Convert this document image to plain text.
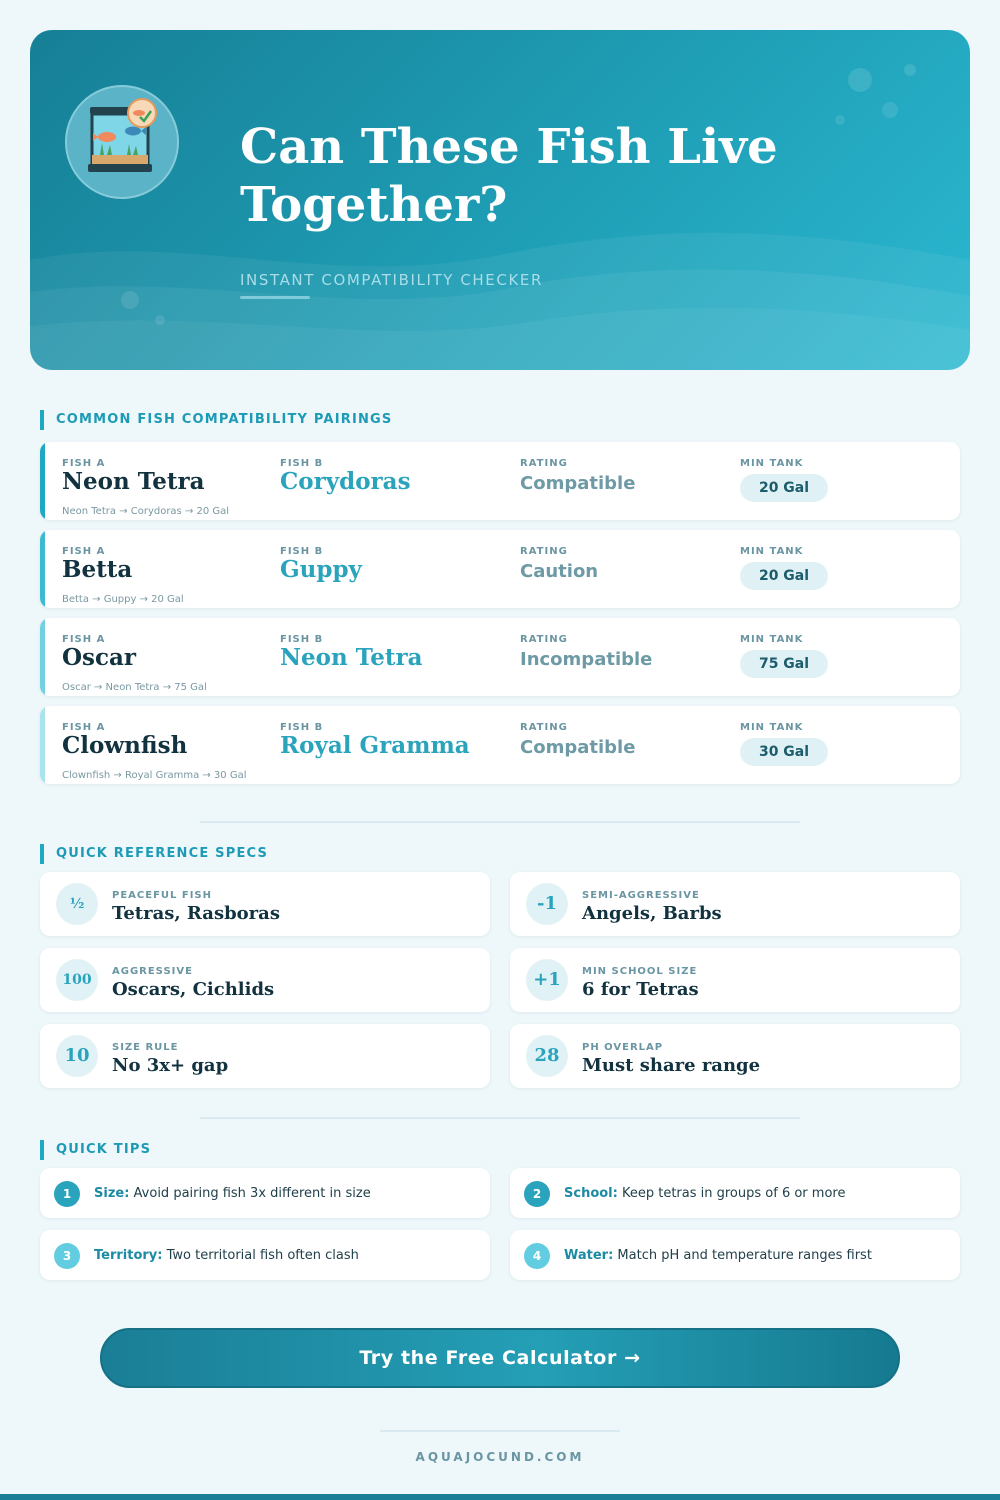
Can These Fish Live Together?
INSTANT COMPATIBILITY CHECKER
COMMON FISH COMPATIBILITY PAIRINGS
FISH A
Neon Tetra
FISH B
Corydoras
RATING
Compatible
MIN TANK
20 Gal
Neon Tetra → Corydoras → 20 Gal
FISH A
Betta
FISH B
Guppy
RATING
Caution
MIN TANK
20 Gal
Betta → Guppy → 20 Gal
FISH A
Oscar
FISH B
Neon Tetra
RATING
Incompatible
MIN TANK
75 Gal
Oscar → Neon Tetra → 75 Gal
FISH A
Clownfish
FISH B
Royal Gramma
RATING
Compatible
MIN TANK
30 Gal
Clownfish → Royal Gramma → 30 Gal
QUICK REFERENCE SPECS
½
PEACEFUL FISH
Tetras, Rasboras	-1	SEMI-AGGRESSIVE
Angels, Barbs
100
AGGRESSIVE
Oscars, Cichlids	+1	MIN SCHOOL SIZE
6 for Tetras
10	SIZE RULE
No 3x+ gap	28	PH OVERLAP
Must share range
QUICK TIPS
1	Size: Avoid pairing fish 3x different in size	2	School: Keep tetras in groups of 6 or more
3	Territory: Two territorial fish often clash	4	Water: Match pH and temperature ranges first
Try the Free Calculator →
AQUAJOCUND.COM
